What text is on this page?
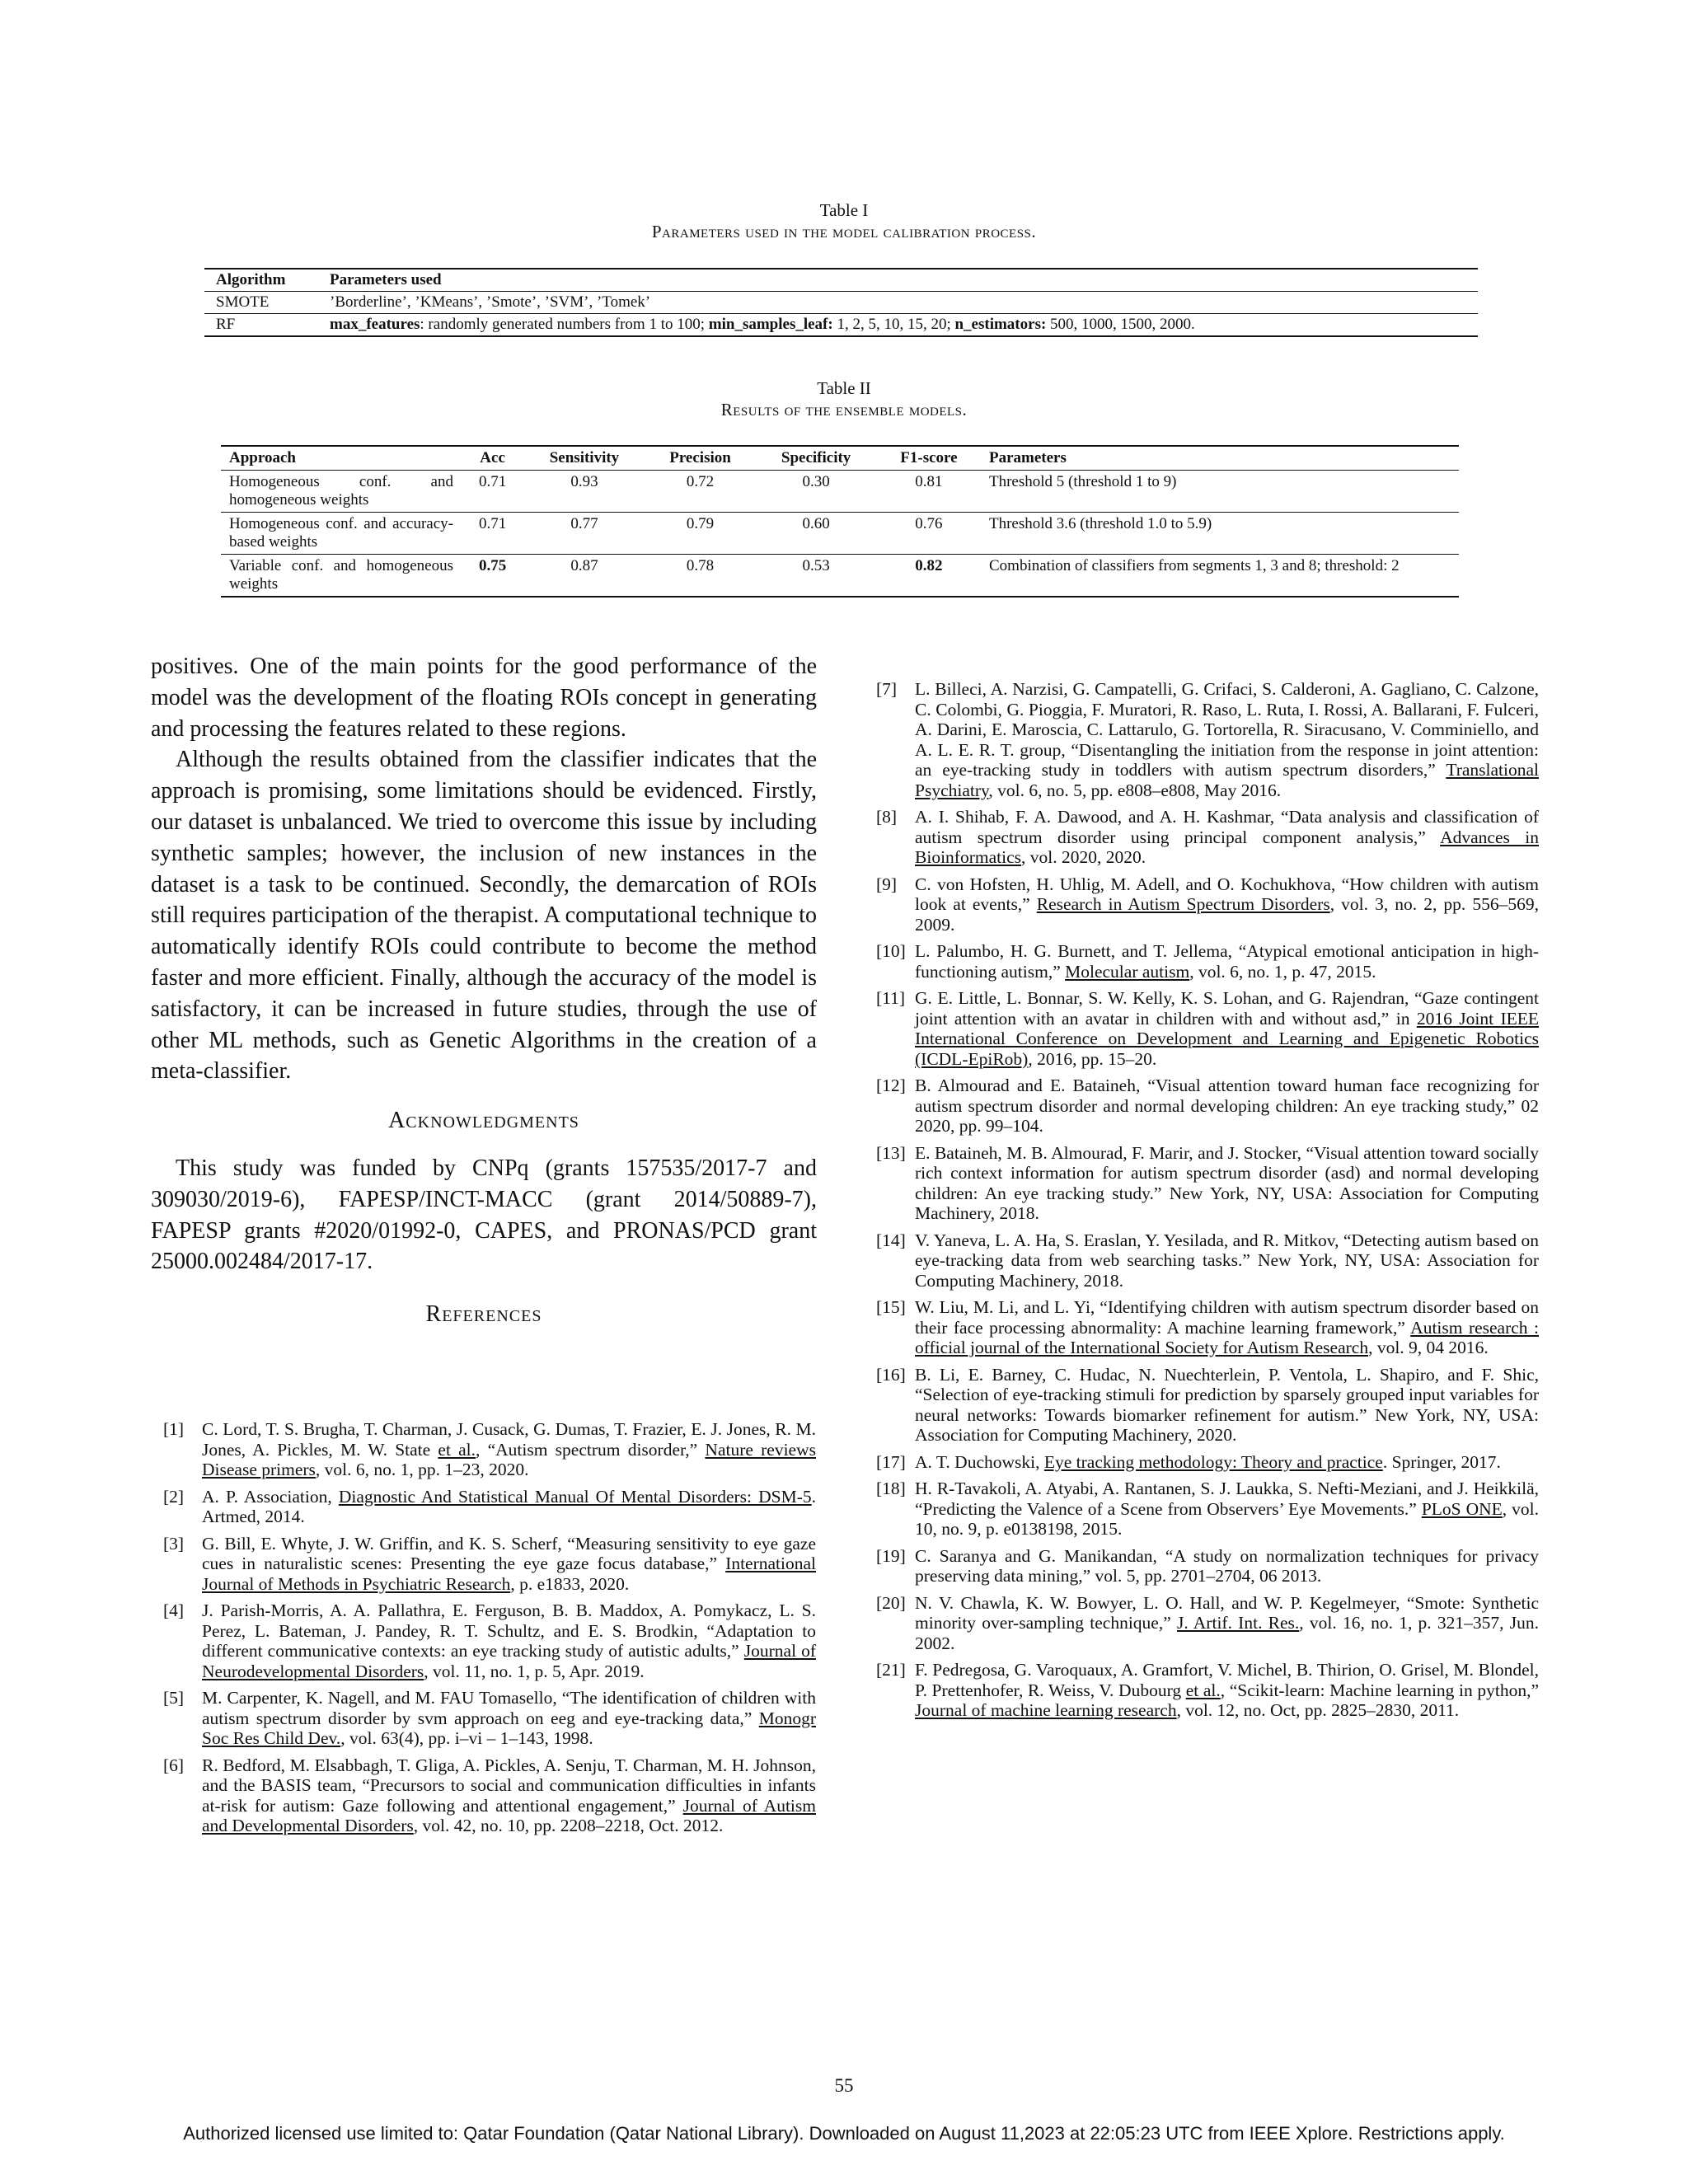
Table I
Parameters used in the model calibration process.
Algorithm	Parameters used
SMOTE	’Borderline’, ’KMeans’, ’Smote’, ’SVM’, ’Tomek’
RF	max_features: randomly generated numbers from 1 to 100; min_samples_leaf: 1, 2, 5, 10, 15, 20; n_estimators: 500, 1000, 1500, 2000.
Table II
Results of the ensemble models.
Approach	Acc	Sensitivity	Precision	Specificity	F1-score	Parameters
Homogeneous conf. and homogeneous weights	0.71	0.93	0.72	0.30	0.81	Threshold 5 (threshold 1 to 9)
Homogeneous conf. and accuracy-based weights	0.71	0.77	0.79	0.60	0.76	Threshold 3.6 (threshold 1.0 to 5.9)
Variable conf. and homogeneous weights	0.75	0.87	0.78	0.53	0.82	Combination of classifiers from segments 1, 3 and 8; threshold: 2

positives. One of the main points for the good performance of the model was the development of the floating ROIs concept in generating and processing the features related to these regions.

Although the results obtained from the classifier indicates that the approach is promising, some limitations should be evidenced. Firstly, our dataset is unbalanced. We tried to overcome this issue by including synthetic samples; however, the inclusion of new instances in the dataset is a task to be continued. Secondly, the demarcation of ROIs still requires participation of the therapist. A computational technique to automatically identify ROIs could contribute to become the method faster and more efficient. Finally, although the accuracy of the model is satisfactory, it can be increased in future studies, through the use of other ML methods, such as Genetic Algorithms in the creation of a meta-classifier.

Acknowledgments

This study was funded by CNPq (grants 157535/2017-7 and 309030/2019-6), FAPESP/INCT-MACC (grant 2014/50889-7), FAPESP grants #2020/01992-0, CAPES, and PRONAS/PCD grant 25000.002484/2017-17.

References
[1] C. Lord, T. S. Brugha, T. Charman, J. Cusack, G. Dumas, T. Frazier, E. J. Jones, R. M. Jones, A. Pickles, M. W. State et al., “Autism spectrum disorder,” Nature reviews Disease primers, vol. 6, no. 1, pp. 1–23, 2020.
[2] A. P. Association, Diagnostic And Statistical Manual Of Mental Disorders: DSM-5. Artmed, 2014.
[3] G. Bill, E. Whyte, J. W. Griffin, and K. S. Scherf, “Measuring sensitivity to eye gaze cues in naturalistic scenes: Presenting the eye gaze focus database,” International Journal of Methods in Psychiatric Research, p. e1833, 2020.
[4] J. Parish-Morris, A. A. Pallathra, E. Ferguson, B. B. Maddox, A. Pomykacz, L. S. Perez, L. Bateman, J. Pandey, R. T. Schultz, and E. S. Brodkin, “Adaptation to different communicative contexts: an eye tracking study of autistic adults,” Journal of Neurodevelopmental Disorders, vol. 11, no. 1, p. 5, Apr. 2019.
[5] M. Carpenter, K. Nagell, and M. FAU Tomasello, “The identification of children with autism spectrum disorder by svm approach on eeg and eye-tracking data,” Monogr Soc Res Child Dev., vol. 63(4), pp. i–vi – 1–143, 1998.
[6] R. Bedford, M. Elsabbagh, T. Gliga, A. Pickles, A. Senju, T. Charman, M. H. Johnson, and the BASIS team, “Precursors to social and communication difficulties in infants at-risk for autism: Gaze following and attentional engagement,” Journal of Autism and Developmental Disorders, vol. 42, no. 10, pp. 2208–2218, Oct. 2012.
[7] L. Billeci, A. Narzisi, G. Campatelli, G. Crifaci, S. Calderoni, A. Gagliano, C. Calzone, C. Colombi, G. Pioggia, F. Muratori, R. Raso, L. Ruta, I. Rossi, A. Ballarani, F. Fulceri, A. Darini, E. Maroscia, C. Lattarulo, G. Tortorella, R. Siracusano, V. Comminiello, and A. L. E. R. T. group, “Disentangling the initiation from the response in joint attention: an eye-tracking study in toddlers with autism spectrum disorders,” Translational Psychiatry, vol. 6, no. 5, pp. e808–e808, May 2016.
[8] A. I. Shihab, F. A. Dawood, and A. H. Kashmar, “Data analysis and classification of autism spectrum disorder using principal component analysis,” Advances in Bioinformatics, vol. 2020, 2020.
[9] C. von Hofsten, H. Uhlig, M. Adell, and O. Kochukhova, “How children with autism look at events,” Research in Autism Spectrum Disorders, vol. 3, no. 2, pp. 556–569, 2009.
[10] L. Palumbo, H. G. Burnett, and T. Jellema, “Atypical emotional anticipation in high-functioning autism,” Molecular autism, vol. 6, no. 1, p. 47, 2015.
[11] G. E. Little, L. Bonnar, S. W. Kelly, K. S. Lohan, and G. Rajendran, “Gaze contingent joint attention with an avatar in children with and without asd,” in 2016 Joint IEEE International Conference on Development and Learning and Epigenetic Robotics (ICDL-EpiRob), 2016, pp. 15–20.
[12] B. Almourad and E. Bataineh, “Visual attention toward human face recognizing for autism spectrum disorder and normal developing children: An eye tracking study,” 02 2020, pp. 99–104.
[13] E. Bataineh, M. B. Almourad, F. Marir, and J. Stocker, “Visual attention toward socially rich context information for autism spectrum disorder (asd) and normal developing children: An eye tracking study.” New York, NY, USA: Association for Computing Machinery, 2018.
[14] V. Yaneva, L. A. Ha, S. Eraslan, Y. Yesilada, and R. Mitkov, “Detecting autism based on eye-tracking data from web searching tasks.” New York, NY, USA: Association for Computing Machinery, 2018.
[15] W. Liu, M. Li, and L. Yi, “Identifying children with autism spectrum disorder based on their face processing abnormality: A machine learning framework,” Autism research : official journal of the International Society for Autism Research, vol. 9, 04 2016.
[16] B. Li, E. Barney, C. Hudac, N. Nuechterlein, P. Ventola, L. Shapiro, and F. Shic, “Selection of eye-tracking stimuli for prediction by sparsely grouped input variables for neural networks: Towards biomarker refinement for autism.” New York, NY, USA: Association for Computing Machinery, 2020.
[17] A. T. Duchowski, Eye tracking methodology: Theory and practice. Springer, 2017.
[18] H. R-Tavakoli, A. Atyabi, A. Rantanen, S. J. Laukka, S. Nefti-Meziani, and J. Heikkilä, “Predicting the Valence of a Scene from Observers’ Eye Movements.” PLoS ONE, vol. 10, no. 9, p. e0138198, 2015.
[19] C. Saranya and G. Manikandan, “A study on normalization techniques for privacy preserving data mining,” vol. 5, pp. 2701–2704, 06 2013.
[20] N. V. Chawla, K. W. Bowyer, L. O. Hall, and W. P. Kegelmeyer, “Smote: Synthetic minority over-sampling technique,” J. Artif. Int. Res., vol. 16, no. 1, p. 321–357, Jun. 2002.
[21] F. Pedregosa, G. Varoquaux, A. Gramfort, V. Michel, B. Thirion, O. Grisel, M. Blondel, P. Prettenhofer, R. Weiss, V. Dubourg et al., “Scikit-learn: Machine learning in python,” Journal of machine learning research, vol. 12, no. Oct, pp. 2825–2830, 2011.
55
Authorized licensed use limited to: Qatar Foundation (Qatar National Library). Downloaded on August 11,2023 at 22:05:23 UTC from IEEE Xplore. Restrictions apply.
